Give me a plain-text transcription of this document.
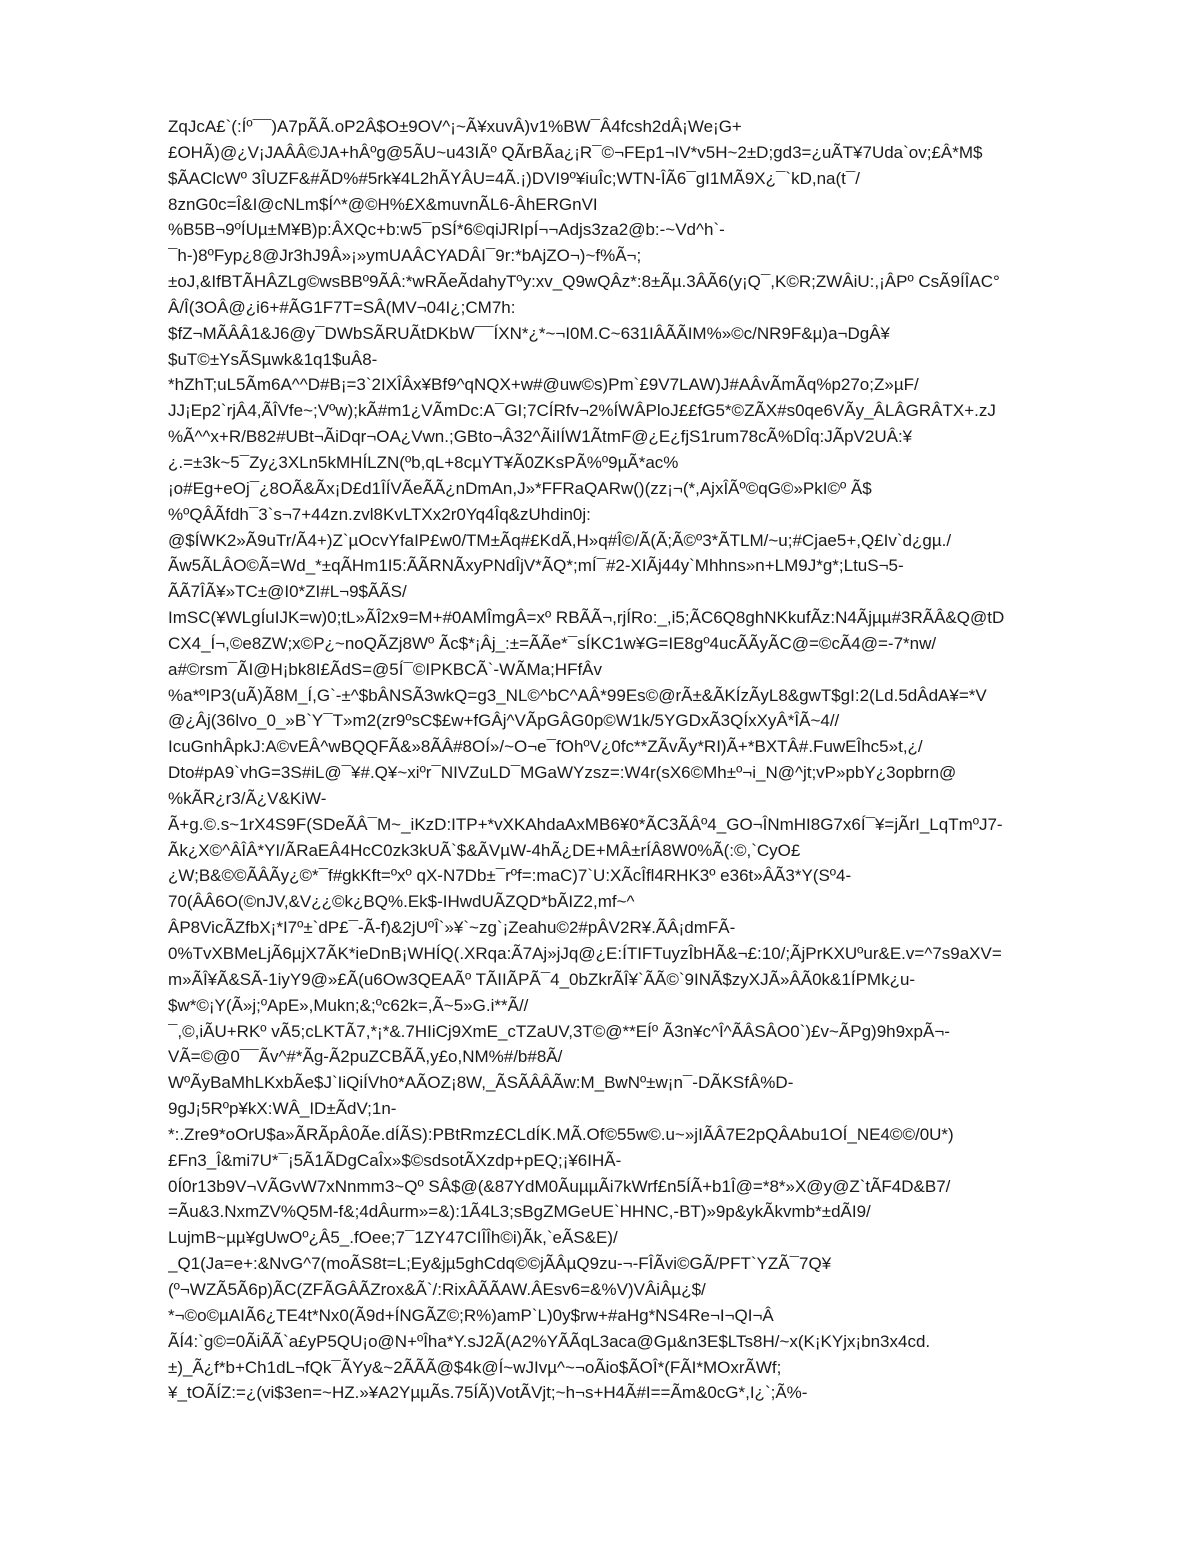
ZqJcA£`(:Íº¯¯)A7pÃÃ.oP2Â$O±9OV^¡~Ã¥xuvÂ)v1%BW¯Â4fcsh2dÂ¡We¡G+
£OHÃ)@¿V¡JAÂÂ©JA+hÂºg@5ÃU~u43IÃº QÃrBÃa¿¡R¯©¬FEp1¬IV*v5H~2±D;gd3=¿uÃT¥7Uda`ov;£Â*M$
$ÃAClcWº 3ÎUZF&#ÃD%#5rk¥4L2hÃYÂU=4Ã.¡)DVI9º¥iuÎc;WTN-ÎÃ6¯gI1MÃ9X¿¯`kD,na(t¯/
8znG0c=Î&I@cNLm$Í^*@©H%£X&muvnÃL6-ÂhERGnVI
%B5B¬9ºÍUµ±M¥B)p:ÂXQc+b:w5¯pSÍ*6©qiJRIpÍ¬¬Adjs3za2@b:-~Vd^h`-
¯h-)8ºFyp¿8@Jr3hJ9Â»¡»ymUAÂCYADÂI¯9r:*bAjZO¬)~f%Ã¬;
±oJ,&IfBTÃHÂZLg©wsBBº9ÃÂ:*wRÃeÃdahyTºy:xv_Q9wQÂz*:8±Ãµ.3ÂÃ6(y¡Q¯,K©R;ZWÂiU:,¡ÂPº CsÃ9ÍÎAC°
Â/Î(3OÂ@¿i6+#ÃG1F7T=SÂ(MV¬04I¿;CM7h:
$fZ¬MÃÂÂ1&J6@y¯DWbSÃRUÃtDKbW¯¯ÍXN*¿*~¬I0M.C~631IÂÃÃIM%»©c/NR9F&µ)a¬DgÂ¥
$uT©±YsÃSµwk&1q1$uÂ8-
*hZhT;uL5Ãm6A^^D#B¡=3`2IXÎÂx¥Bf9^qNQX+w#@uw©s)Pm`£9V7LAW)J#AÂvÃmÃq%p27o;Z»µF/
JJ¡Ep2`rjÂ4,ÃÎVfe~;Vºw);kÃ#m1¿VÃmDc:A¯GI;7CÍRfv¬2%ÍWÂPloJ££fG5*©ZÃX#s0qe6VÃy_ÂLÂGRÂTX+.zJ
%Ã^^x+R/B82#UBt¬ÃiDqr¬OA¿Vwn.;GBto¬Â32^ÃiIÍW1ÃtmF@¿E¿fjS1rum78cÃ%DÎq:JÃpV2UÂ:¥
¿.=±3k~5¯Zy¿3XLn5kMHÍLZN(ºb,qL+8cµYT¥Ã0ZKsPÃ%º9µÃ*ac%
¡o#Eg+eOj¯¿8OÃ&Ãx¡D£d1ÎÍVÃeÃÃ¿nDmAn,J»*FFRaQARw()(zz¡¬(*,AjxÎÃº©qG©»PkI©º Ã$
%ºQÂÃfdh¯3`s¬7+44zn.zvl8KvLTXx2r0Yq4Îq&zUhdin0j:
@$ÍWK2»Ã9uTr/Ã4+)Z`µOcvYfaIP£w0/TM±Ãq#£KdÃ,H»q#Î©/Ã(Ã;Ã©º3*ÃTLM/~u;#Cjae5+,Q£Iv`d¿gµ./
Ãw5ÃLÂO©Ã=Wd_*±qÃHm1I5:ÃÃRNÃxyPNdÎjV*ÃQ*;mÍ¯#2-XIÃj44y`Mhhns»n+LM9J*g*;LtuS¬5-
ÃÃ7ÎÃ¥»TC±@I0*ZI#L¬9$ÃÃS/
ImSC(¥WLgÍuIJK=w)0;tL»ÃÎ2x9=M+#0AMÎmgÂ=xº RBÃÃ¬,rjÍRo:_,i5;ÃC6Q8ghNKkufÃz:N4Ãjµµ#3RÃÂ&Q@tD
CX4_Í¬,©e8ZW;x©P¿~noQÃZj8Wº Ãc$*¡Âj_:±=ÃÃe*¯sÍKC1w¥G=IE8gº4ucÃÃyÃC@=©cÃ4@=-7*nw/
a#©rsm¯ÃI@H¡bk8I£ÃdS=@5Í¯©IPKBCÃ`-WÃMa;HFfÂv
%a*ºIP3(uÃ)Ã8M_Í,G`-±^$bÂNSÃ3wkQ=g3_NL©^bC^AÂ*99Es©@rÃ±&ÃKÍzÃyL8&gwT$gI:2(Ld.5dÂdA¥=*V
@¿Âj(36lvo_0_»B`Y¯T»m2(zr9ºsC$£w+fGÂj^VÃpGÂG0p©W1k/5YGDxÃ3QÍxXyÂ*ÎÃ~4//
IcuGnhÂpkJ:A©vEÂ^wBQQFÃ&»8ÃÂ#8OÍ»/~O¬e¯fOhºV¿0fc**ZÃvÃy*RI)Ã+*BXTÂ#.FuwEÎhc5»t,¿/
Dto#pA9`vhG=3S#iL@¯¥#.Q¥~xiºr¯NIVZuLD¯MGaWYzsz=:W4r(sX6©Mh±º¬i_N@^jt;vP»pbY¿3opbrn@
%kÃR¿r3/Ã¿V&KiW-
Ã+g.©.s~1rX4S9F(SDeÃÂ¯M~_iKzD:ITP+*vXKAhdaAxMB6¥0*ÃC3ÃÂº4_GO¬ÎNmHI8G7x6Í¯¥=jÃrI_LqTmºJ7-
Ãk¿X©^ÂÎÂ*YI/ÃRaEÂ4HcC0zk3kUÃ`$&ÃVµW-4hÃ¿DE+MÂ±rÍÂ8W0%Ã(:©,`CyO£
¿W;B&©©ÃÂÃy¿©*¯f#gkKft=ºxº qX-N7Db±¯rºf=:maC)7`U:XÃcÎfl4RHK3º e36t»ÂÃ3*Y(Sº4-
70(ÂÂ6O(©nJV,&V¿¿©k¿BQ%.Ek$-IHwdUÃZQD*bÃIZ2,mf~^
ÂP8VicÃZfbX¡*I7º±`dP£¯-Ã-f)&2jUºÎ`»¥`~zg`¡Zeahu©2#pÂV2R¥.ÃÂ¡dmFÃ-
0%TvXBMeLjÃ6µjX7ÃK*ieDnB¡WHÍQ(.XRqa:Ã7Aj»jJq@¿E:ÍTIFTuyzÎbHÃ&¬£:10/;ÃjPrKXUºur&E.v=^7s9aXV=
m»ÃÎ¥Ã&SÃ-1iyY9@»£Ã(u6Ow3QEAÃº TÃIIÃPÃ¯4_0bZkrÃÎ¥`ÃÃ©`9INÃ$zyXJÃ»ÂÃ0k&1ÍPMk¿u-
$w*©¡Y(Ã»j;ºApE»,Mukn;&;ºc62k=,Ã~5»G.i**Ã//
¯,©,iÃU+RKº vÃ5;cLKTÃ7,*¡*&.7HIiCj9XmE_cTZaUV,3T©@**EÍº Ã3n¥c^Î^ÃÂSÂO0`)£v~ÃPg)9h9xpÃ¬-
VÃ=©@0¯¯Ãv^#*Ãg-Ã2puZCBÃÃ,y£o,NM%#/b#8Ã/
WºÃyBaMhLKxbÃe$J`IiQiÍVh0*AÃOZ¡8W,_ÃSÃÂÂÃw:M_BwNº±w¡n¯-DÃKSfÂ%D-
9gJ¡5Rºp¥kX:WÂ_ID±ÃdV;1n-
*:.Zre9*oOrU$a»ÃRÃpÂ0Ãe.dÍÃS):PBtRmz£CLdÍK.MÃ.Of©55w©.u~»jIÃÂ7E2pQÂAbu1OÍ_NE4©©/0U*)
£Fn3_Î&mi7U*¯¡5Ã1ÃDgCaÎx»$©sdsotÃXzdp+pEQ;¡¥6IHÃ-
0Í0r13b9V¬VÃGvW7xNnmm3~Qº SÂ$@(&87YdM0ÃuµµÃi7kWrf£n5ÍÃ+b1Î@=*8*»X@y@Z`tÃF4D&B7/
=Ãu&3.NxmZV%Q5M-f&;4dÂurm»=&):1Ã4L3;sBgZMGeUE`HHNC,-BT)»9p&ykÃkvmb*±dÃI9/
LujmB~µµ¥gUwOº¿Â5_.fOee;7¯1ZY47CIÎÎh©i)Ãk,`eÃS&E)/
_Q1(Ja=e+:&NvG^7(moÃS8t=L;Ey&jµ5ghCdq©©jÃÂµQ9zu-¬-FÎÃvi©GÃ/PFT`YZÃ¯7Q¥
(º¬WZÃ5Ã6p)ÃC(ZFÃGÂÃZrox&Ã`/:RixÂÃÃAW.ÂEsv6=&%V)VÂiÂµ¿$/
*¬©o©µAIÃ6¿TE4t*Nx0(Ã9d+ÍNGÃZ©;R%)amP`L)0y$rw+#aHg*NS4Re¬I¬QI¬Â
ÃÍ4:`g©=0ÃiÃÃ`a£yP5QU¡o@N+ºÎha*Y.sJ2Ã(A2%YÃÃqL3aca@Gµ&n3E$LTs8H/~x(K¡KYjx¡bn3x4cd.
±)_Ã¿f*b+Ch1dL¬fQk¯ÃYy&~2ÃÃÃ@$4k@Í~wJIvµ^~¬oÃio$ÃOÎ*(FÃI*MOxrÃWf;
¥_tOÃÍZ:=¿(vi$3en=~HZ.»¥A2YµµÃs.75ÍÃ)VotÃVjt;~h¬s+H4Ã#I==Ãm&0cG*,I¿`;Ã%-
